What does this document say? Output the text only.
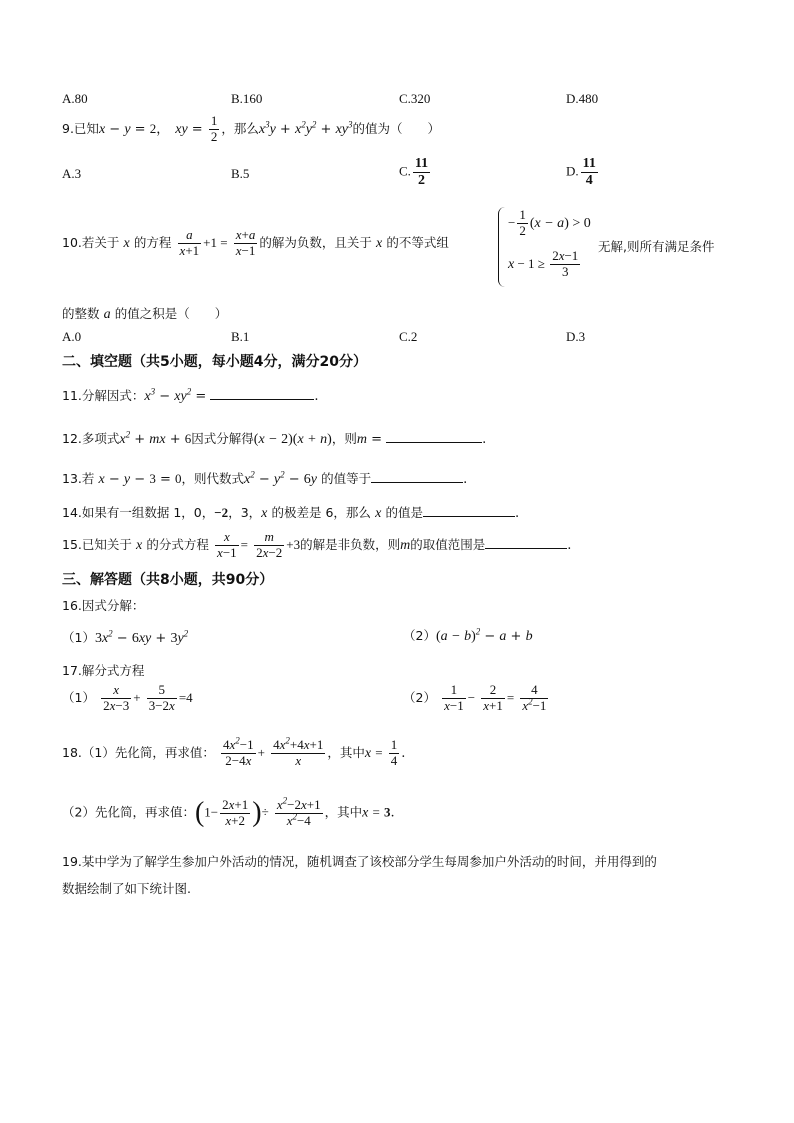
A.80	B.160	C.320	D.480
9.已知x − y = 2， xy = $\frac{1}{2}$ ，那么$x^3y + x^2y^2 + xy^3$的值为（　　）
A.3	B.5	C. $\frac{11}{2}$	D. $\frac{11}{4}$
10.若关于 x 的方程 $\frac{a}{x+1} +1 = \frac{x+a}{x-1}$ 的解为负数，且关于 x 的不等式组
− $\frac{1}{2} (x - a) > 0$
$x - 1 \ge \frac{2x-1}{3}$
无解,则所有满足条件
的整数 a 的值之积是（　　）
A.0	B.1	C.2	D.3
二、填空题（共5小题，每小题4分，满分20分）
11.分解因式：$x^3 - xy^2$ =	.
12.多项式$x^2$ + mx + 6因式分解得(x − 2)(x + n)，则m =	.
13.若 x − y − 3 = 0，则代数式$x^2 - y^2 - 6y$ 的值等于	.
14.如果有一组数据 1，0，−2，3，x 的极差是 6，那么 x 的值是	.
15.已知关于 x 的分式方程 $\frac{x}{x-1} = \frac{m}{2x-2} +3$的解是非负数，则m的取值范围是	.
三、解答题（共8小题，共90分）
16.因式分解：
$(1)3x^2 - 6xy + 3y^2$	$(2)(a - b)^2 - a + b$
17.解分式方程
$(1) \frac{x}{2x-3} + \frac{5}{3-2x} =4$	$(2) \frac{1}{x-1} - \frac{2}{x+1} = \frac{4}{x^2-1}$
18.（1）先化简，再求值： $\frac{4x^2-1}{2-4x} + \frac{4x^2+4x+1}{x}$ ，其中$x = \frac{1}{4}$ .
（2）先化简，再求值：($1- \frac{2x+1}{x+2}$ )÷ $\frac{x^2-2x+1}{x^2-4}$ ，其中x = 3.
19.某中学为了解学生参加户外活动的情况，随机调查了该校部分学生每周参加户外活动的时间，并用得到的
数据绘制了如下统计图.
